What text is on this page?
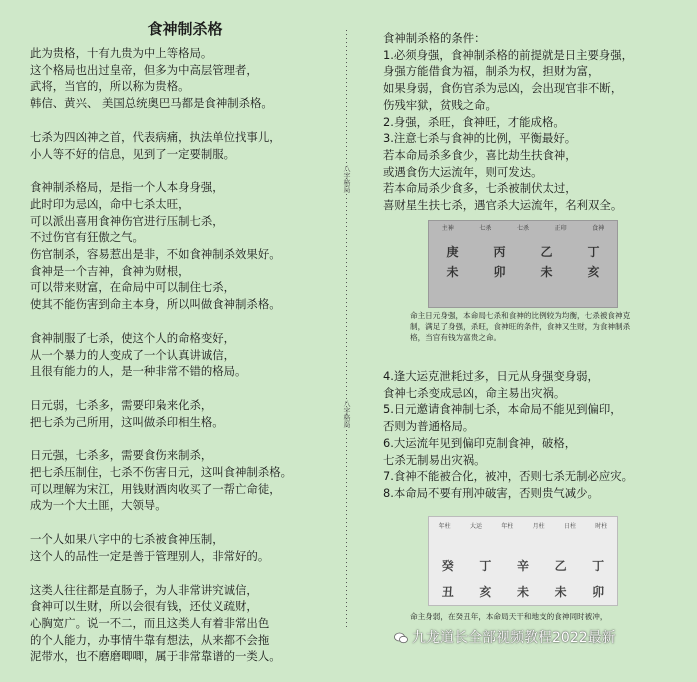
食神制杀格
此为贵格，十有九贵为中上等格局。
这个格局也出过皇帝，但多为中高层管理者，
武将，当官的，所以称为贵格。
韩信、黄兴、 美国总统奥巴马都是食神制杀格。
七杀为四凶神之首，代表病痛，执法单位找事儿，
小人等不好的信息，见到了一定要制服。
食神制杀格局，是指一个人本身身强，
此时印为忌凶，命中七杀太旺，
可以派出喜用食神伤官进行压制七杀，
不过伤官有狂傲之气。
伤官制杀，容易惹出是非，不如食神制杀效果好。
食神是一个吉神，食神为财根，
可以带来财富，在命局中可以制住七杀，
使其不能伤害到命主本身，所以叫做食神制杀格。
食神制服了七杀，使这个人的命格变好，
从一个暴力的人变成了一个认真讲诚信，
且很有能力的人，是一种非常不错的格局。
日元弱，七杀多，需要印枭来化杀，
把七杀为己所用，这叫做杀印相生格。
日元强，七杀多，需要食伤来制杀，
把七杀压制住，七杀不伤害日元，这叫食神制杀格。
可以理解为宋江，用钱财酒肉收买了一帮亡命徒，
成为一个大土匪，大领导。
一个人如果八字中的七杀被食神压制，
这个人的品性一定是善于管理别人，非常好的。
这类人往往都是直肠子，为人非常讲究诚信，
食神可以生财，所以会很有钱，还仗义疏财，
心胸宽广。说一不二，而且这类人有着非常出色
的个人能力，办事情牛靠有想法，从来都不会拖
泥带水，也不磨磨唧唧，属于非常靠谱的一类人。
八字格局
八字格局
食神制杀格的条件：
1.必须身强，食神制杀格的前提就是日主要身强，
身强方能借食为福，制杀为权，担财为富，
如果身弱，食伤官杀为忌凶，会出现官非不断，
伤残牢狱，贫贱之命。
2.身强，杀旺，食神旺，才能成格。
3.注意七杀与食神的比例，平衡最好。
若本命局杀多食少，喜比劫生扶食神，
或遇食伤大运流年，则可发达。
若本命局杀少食多，七杀被制伏太过，
喜财星生扶七杀，遇官杀大运流年，名利双全。
主神	七杀	七杀	正印	食神
庚	丙	乙	丁
未	卯	未	亥
命主日元身强，本命局七杀和食神的比例较为均衡，七杀被食神克制，满足了身强，杀旺，食神旺的条件，食神又生财，为食神制杀格，当官有钱为富贵之命。
4.逢大运克泄耗过多，日元从身强变身弱，
食神七杀变成忌凶，命主易出灾祸。
5.日元邀请食神制七杀，本命局不能见到偏印，
否则为普通格局。
6.大运流年见到偏印克制食神，破格，
七杀无制易出灾祸。
7.食神不能被合化，被冲，否则七杀无制必应灾。
8.本命局不要有刑冲破害，否则贵气减少。
年柱	大运	年柱	月柱	日柱	时柱
癸	丁	辛	乙	丁
丑	亥	未	未	卯
命主身弱，在癸丑年，本命局天干和地支的食神同时被冲，
九龙道长全部视频教程2022最新
